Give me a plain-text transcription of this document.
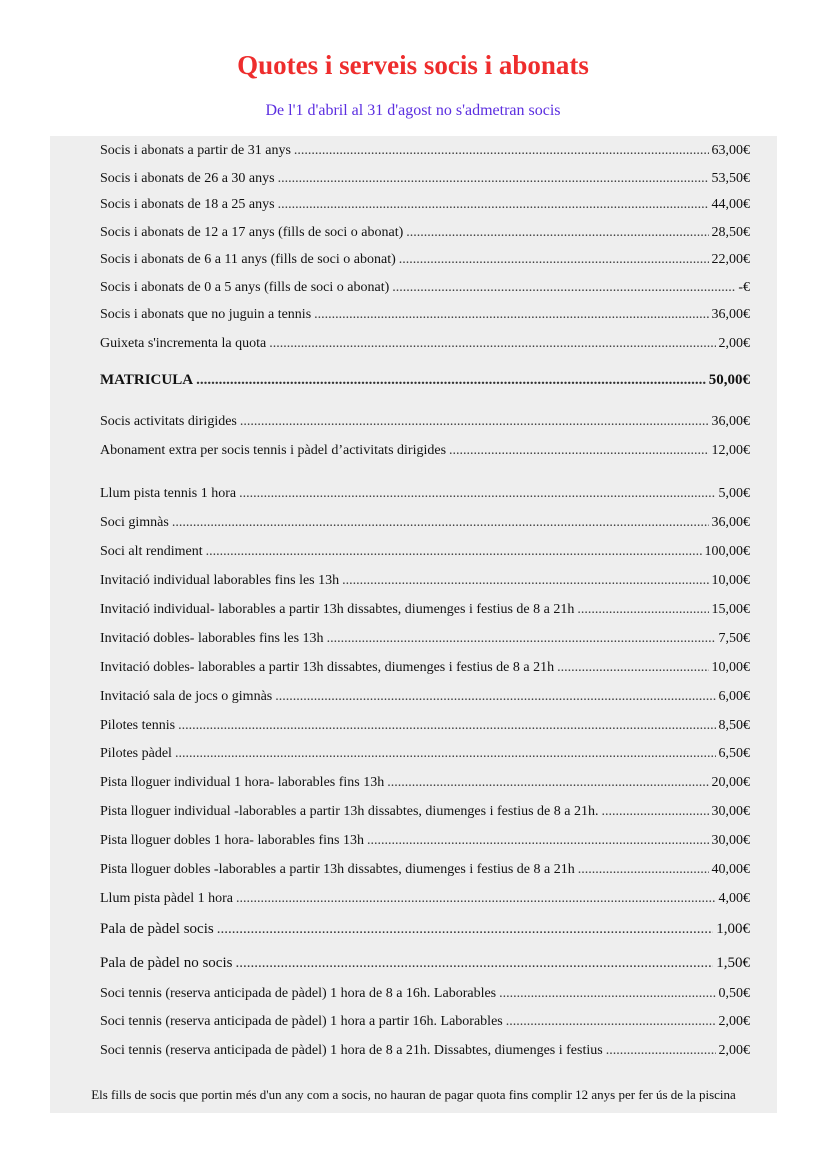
Quotes i serveis socis i abonats
De l'1 d'abril al 31 d'agost no s'admetran socis
Socis i abonats a partir de 31 anys .....	63,00€
Socis i abonats de 26 a 30 anys .....	53,50€
Socis i abonats de 18 a 25 anys .....	44,00€
Socis i abonats de 12 a 17 anys (fills de soci o abonat) .....	28,50€
Socis i abonats de 6 a 11 anys (fills de soci o abonat) .....	22,00€
Socis i abonats de 0 a 5 anys (fills de soci o abonat) .....	-€
Socis i abonats que no juguin a tennis .....	36,00€
Guixeta s'incrementa la quota .....	2,00€
MATRICULA .....	50,00€
Socis activitats dirigides .....	36,00€
Abonament extra per socis tennis i pàdel d’activitats dirigides .....	12,00€
Llum pista tennis 1 hora .....	5,00€
Soci gimnàs .....	36,00€
Soci alt rendiment .....	100,00€
Invitació individual laborables fins les 13h .....	10,00€
Invitació individual- laborables a partir 13h dissabtes, diumenges i festius de 8 a 21h .....	15,00€
Invitació dobles- laborables fins les 13h .....	7,50€
Invitació dobles- laborables a partir 13h dissabtes, diumenges i festius de 8 a 21h .....	10,00€
Invitació sala de jocs o gimnàs .....	6,00€
Pilotes tennis .....	8,50€
Pilotes pàdel .....	6,50€
Pista lloguer individual 1 hora- laborables fins 13h .....	20,00€
Pista lloguer individual -laborables a partir 13h dissabtes, diumenges i festius de 8 a 21h. .....	30,00€
Pista lloguer dobles 1 hora- laborables fins 13h .....	30,00€
Pista lloguer dobles -laborables a partir 13h dissabtes, diumenges i festius de 8 a 21h .....	40,00€
Llum pista pàdel 1 hora .....	4,00€
Pala de pàdel socis .....	1,00€
Pala de pàdel no socis .....	1,50€
Soci tennis (reserva anticipada de pàdel) 1 hora de 8 a 16h. Laborables .....	0,50€
Soci tennis (reserva anticipada de pàdel) 1 hora a partir 16h. Laborables .....	2,00€
Soci tennis (reserva anticipada de pàdel) 1 hora de 8 a 21h. Dissabtes, diumenges i festius .....	2,00€
Els fills de socis que portin més d'un any com a socis, no hauran de pagar quota fins complir 12 anys per fer ús de la piscina
